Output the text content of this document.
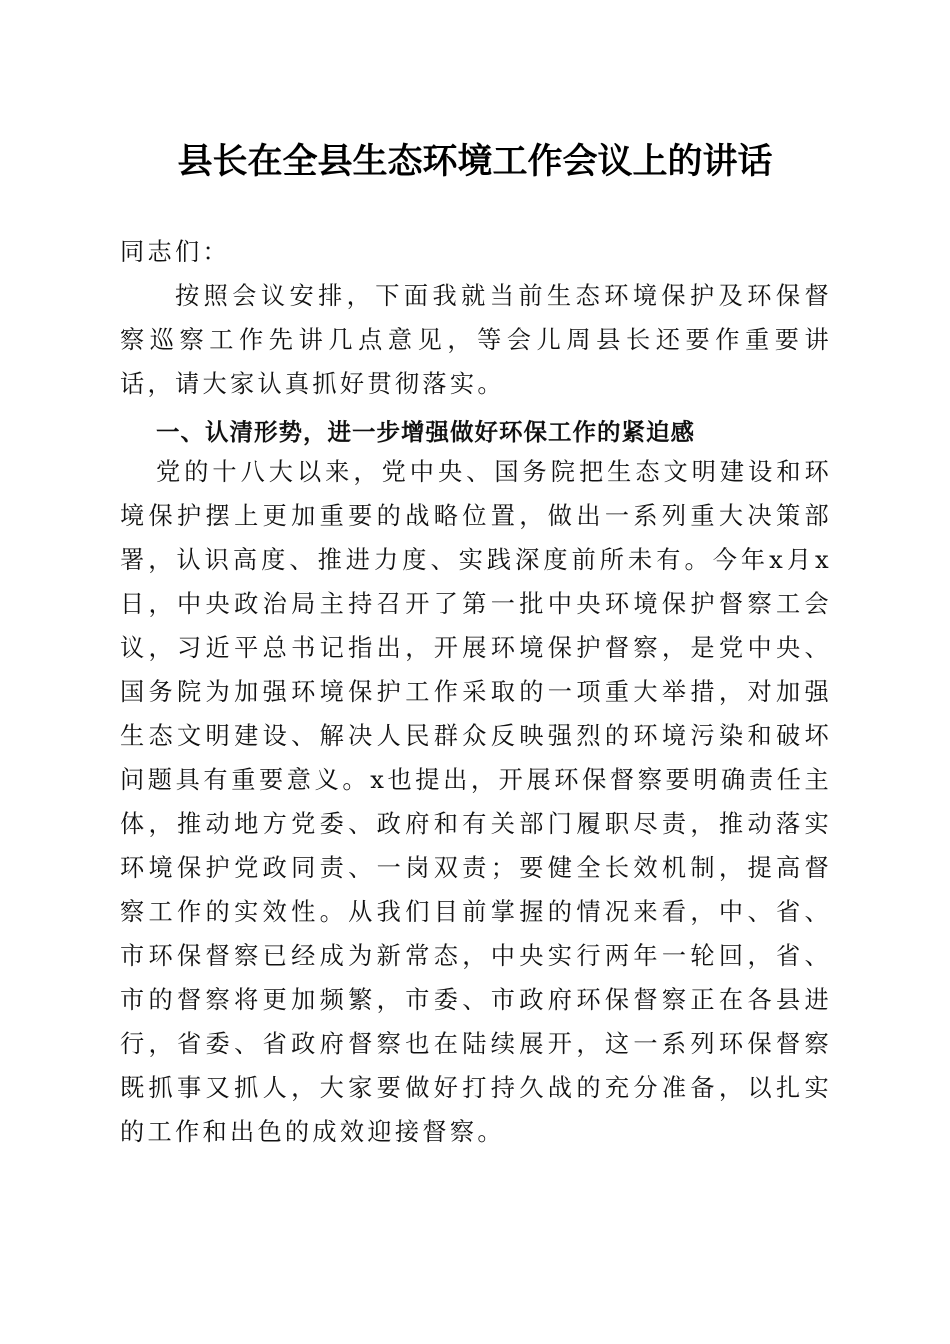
县长在全县生态环境工作会议上的讲话

同志们：

按照会议安排，下面我就当前生态环境保护及环保督察巡察工作先讲几点意见，等会儿周县长还要作重要讲话，请大家认真抓好贯彻落实。

一、认清形势，进一步增强做好环保工作的紧迫感

党的十八大以来，党中央、国务院把生态文明建设和环境保护摆上更加重要的战略位置，做出一系列重大决策部署，认识高度、推进力度、实践深度前所未有。今年x月x日，中央政治局主持召开了第一批中央环境保护督察工会议，习近平总书记指出，开展环境保护督察，是党中央、国务院为加强环境保护工作采取的一项重大举措，对加强生态文明建设、解决人民群众反映强烈的环境污染和破坏问题具有重要意义。x也提出，开展环保督察要明确责任主体，推动地方党委、政府和有关部门履职尽责，推动落实环境保护党政同责、一岗双责；要健全长效机制，提高督察工作的实效性。从我们目前掌握的情况来看，中、省、市环保督察已经成为新常态，中央实行两年一轮回，省、市的督察将更加频繁，市委、市政府环保督察正在各县进行，省委、省政府督察也在陆续展开，这一系列环保督察既抓事又抓人，大家要做好打持久战的充分准备，以扎实的工作和出色的成效迎接督察。
